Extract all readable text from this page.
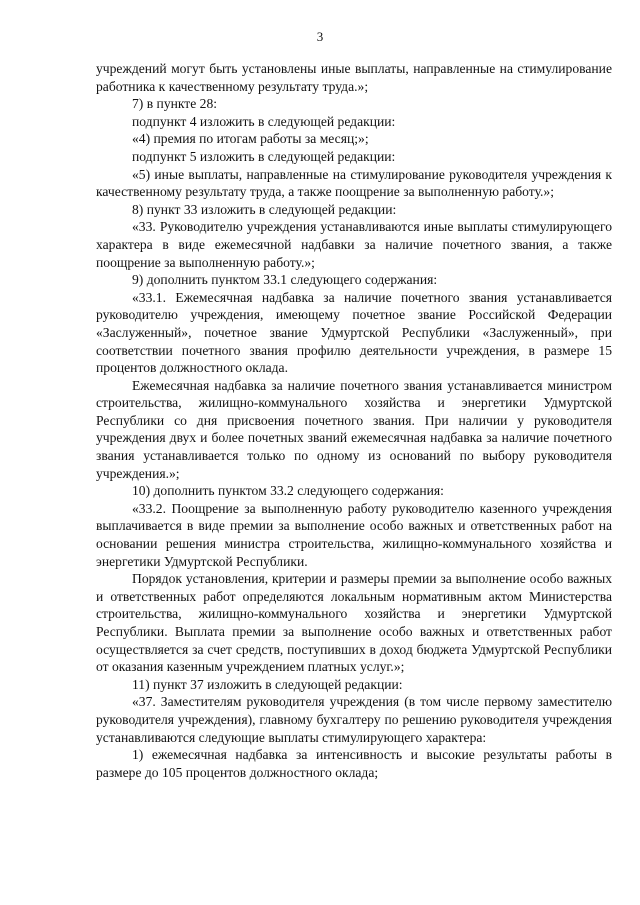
3

учреждений могут быть установлены иные выплаты, направленные на стимулирование работника к качественному результату труда.»;

7) в пункте 28:

подпункт 4 изложить в следующей редакции:

«4) премия по итогам работы за месяц;»;

подпункт 5 изложить в следующей редакции:

«5) иные выплаты, направленные на стимулирование руководителя учреждения к качественному результату труда, а также поощрение за выполненную работу.»;

8) пункт 33 изложить в следующей редакции:

«33. Руководителю учреждения устанавливаются иные выплаты стимулирующего характера в виде ежемесячной надбавки за наличие почетного звания, а также поощрение за выполненную работу.»;

9) дополнить пунктом 33.1 следующего содержания:

«33.1. Ежемесячная надбавка за наличие почетного звания устанавливается руководителю учреждения, имеющему почетное звание Российской Федерации «Заслуженный», почетное звание Удмуртской Республики «Заслуженный», при соответствии почетного звания профилю деятельности учреждения, в размере 15 процентов должностного оклада.

Ежемесячная надбавка за наличие почетного звания устанавливается министром строительства, жилищно-коммунального хозяйства и энергетики Удмуртской Республики со дня присвоения почетного звания. При наличии у руководителя учреждения двух и более почетных званий ежемесячная надбавка за наличие почетного звания устанавливается только по одному из оснований по выбору руководителя учреждения.»;

10) дополнить пунктом 33.2 следующего содержания:

«33.2. Поощрение за выполненную работу руководителю казенного учреждения выплачивается в виде премии за выполнение особо важных и ответственных работ на основании решения министра строительства, жилищно-коммунального хозяйства и энергетики Удмуртской Республики.

Порядок установления, критерии и размеры премии за выполнение особо важных и ответственных работ определяются локальным нормативным актом Министерства строительства, жилищно-коммунального хозяйства и энергетики Удмуртской Республики. Выплата премии за выполнение особо важных и ответственных работ осуществляется за счет средств, поступивших в доход бюджета Удмуртской Республики от оказания казенным учреждением платных услуг.»;

11) пункт 37 изложить в следующей редакции:

«37. Заместителям руководителя учреждения (в том числе первому заместителю руководителя учреждения), главному бухгалтеру по решению руководителя учреждения устанавливаются следующие выплаты стимулирующего характера:

1) ежемесячная надбавка за интенсивность и высокие результаты работы в размере до 105 процентов должностного оклада;
